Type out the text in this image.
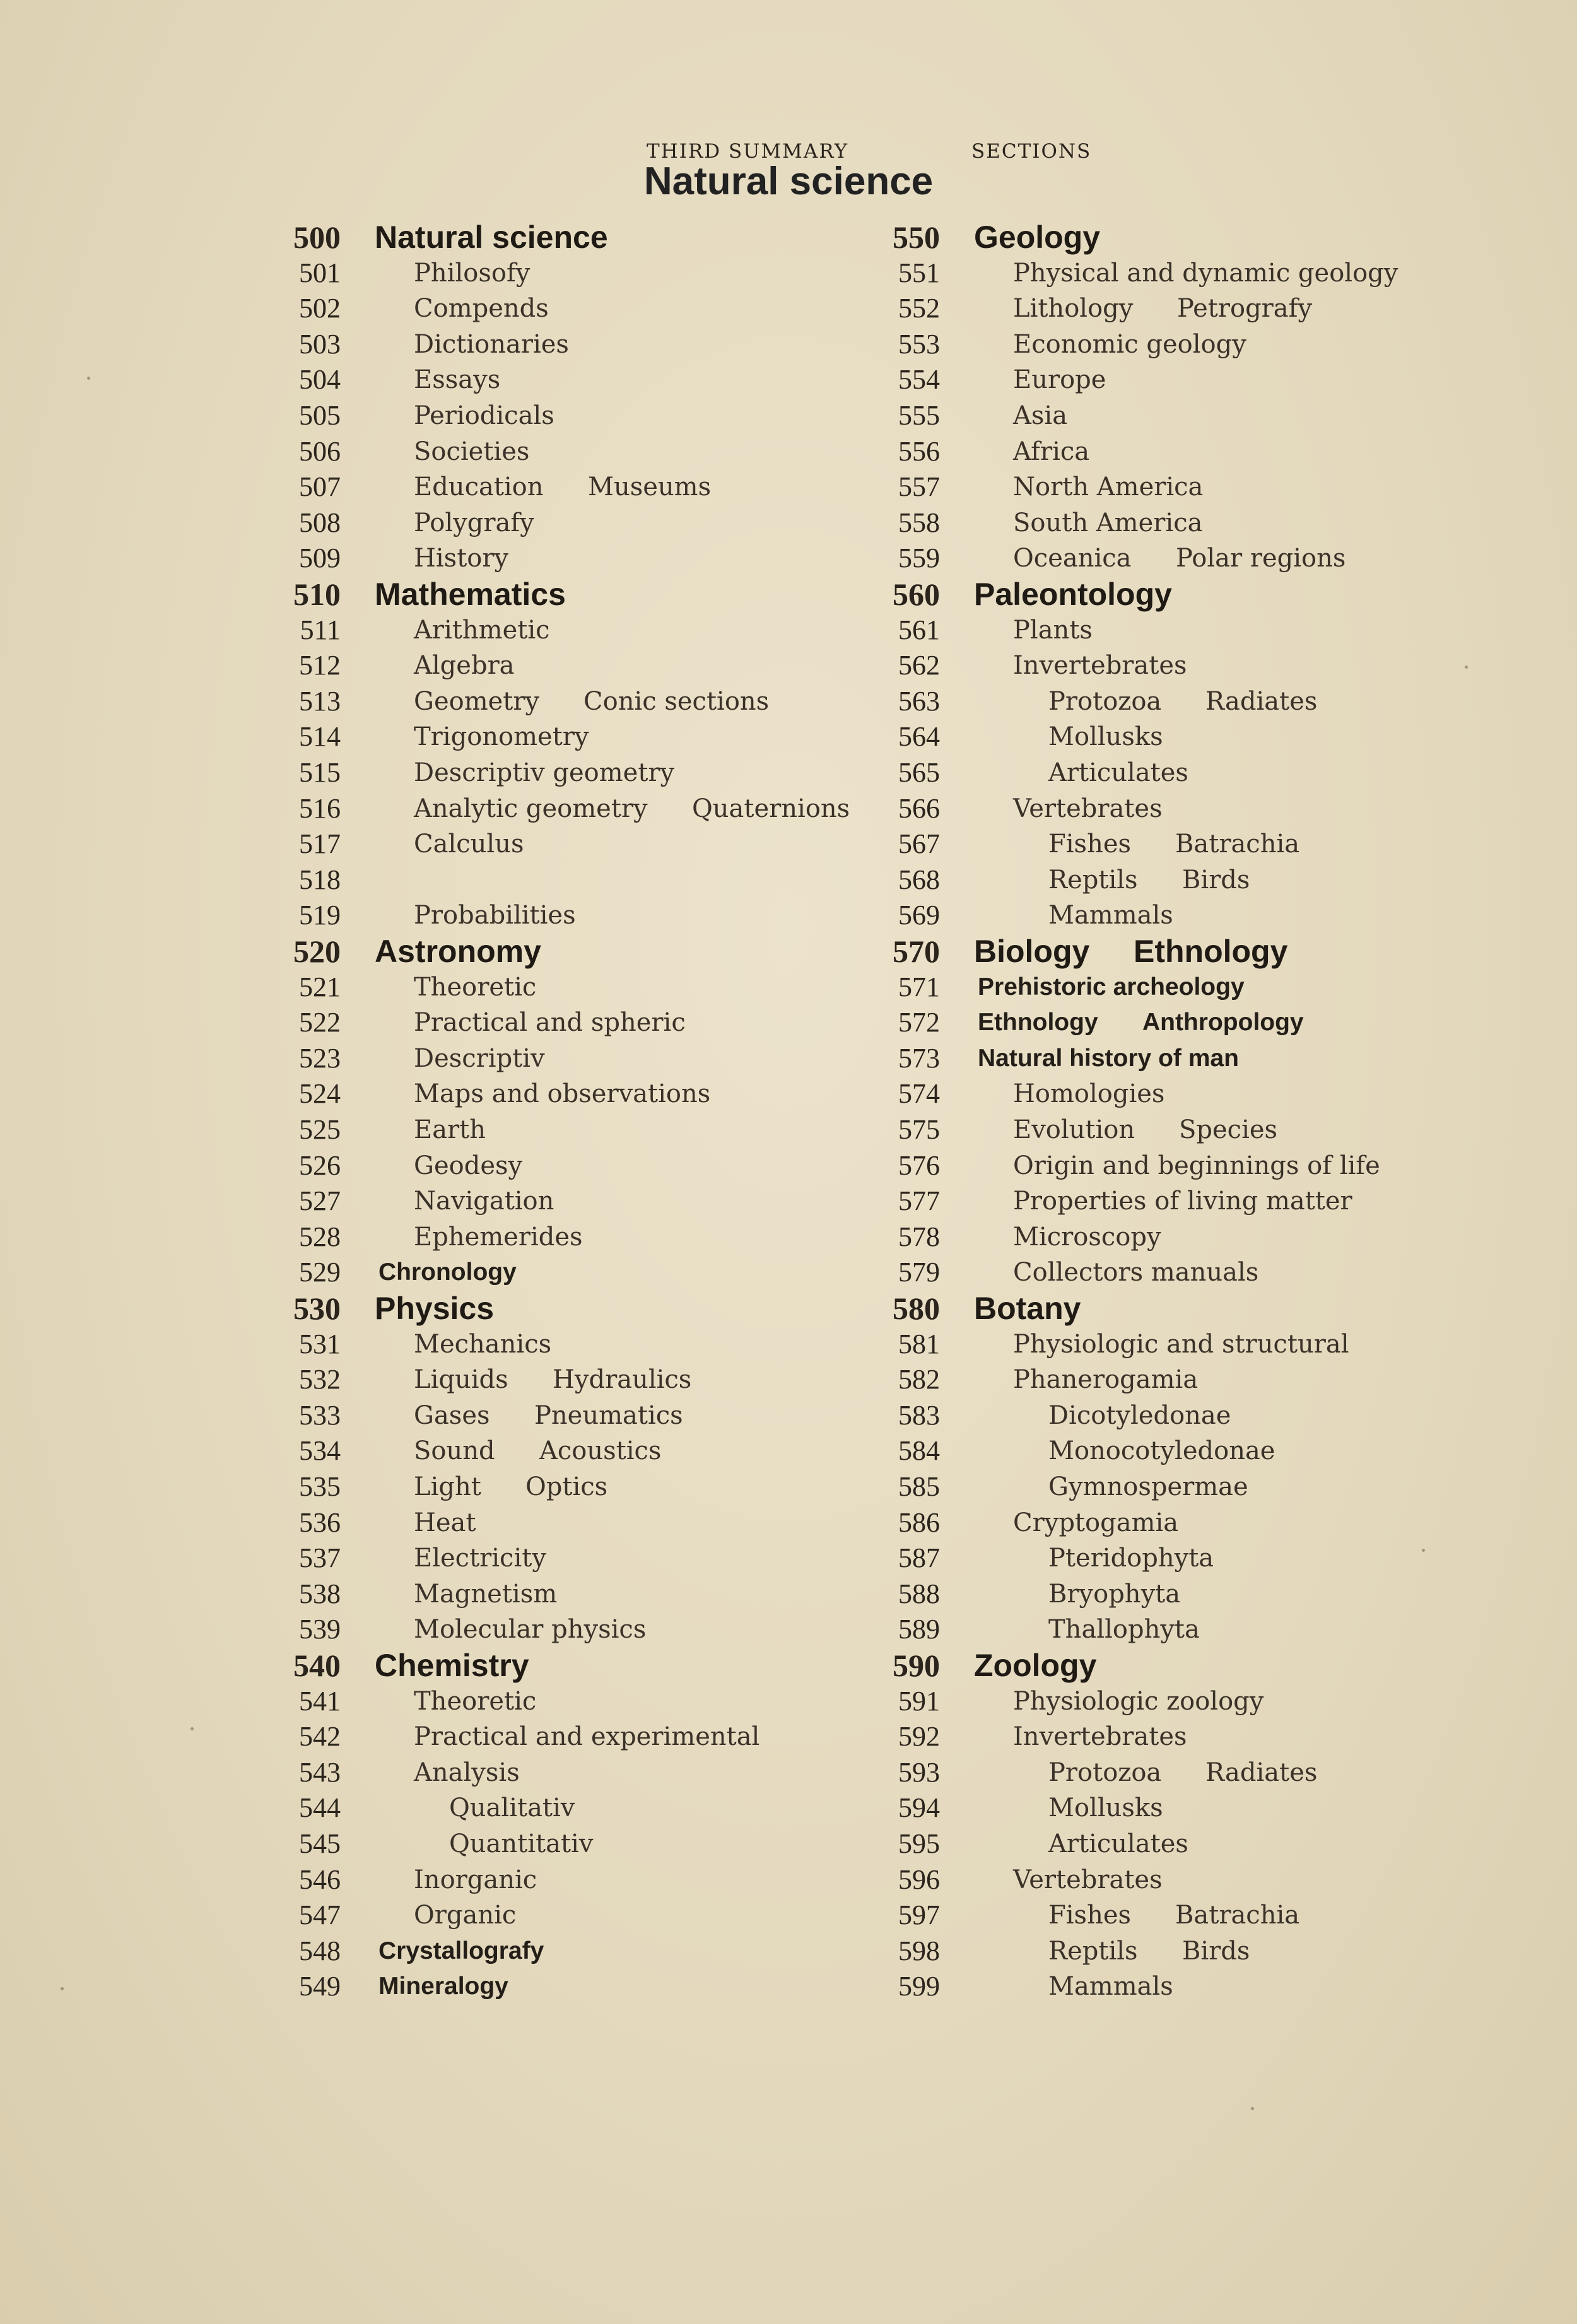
THIRD SUMMARY	SECTIONS
Natural science
500 Natural science
501	Philosofy
502	Compends
503	Dictionaries
504	Essays
505	Periodicals
506	Societies
507	Education Museums
508	Polygrafy
509	History
510 Mathematics
511	Arithmetic
512	Algebra
513	Geometry Conic sections
514	Trigonometry
515	Descriptiv geometry
516	Analytic geometry Quaternions
517	Calculus
518
519	Probabilities
520 Astronomy
521	Theoretic
522	Practical and spheric
523	Descriptiv
524	Maps and observations
525	Earth
526	Geodesy
527	Navigation
528	Ephemerides
529 Chronology
530 Physics
531	Mechanics
532	Liquids Hydraulics
533	Gases Pneumatics
534	Sound Acoustics
535	Light Optics
536	Heat
537	Electricity
538	Magnetism
539	Molecular physics
540 Chemistry
541	Theoretic
542	Practical and experimental
543	Analysis
544	Qualitativ
545	Quantitativ
546	Inorganic
547	Organic
548 Crystallografy
549 Mineralogy
550 Geology
551	Physical and dynamic geology
552	Lithology Petrografy
553	Economic geology
554	Europe
555	Asia
556	Africa
557	North America
558	South America
559	Oceanica Polar regions
560 Paleontology
561	Plants
562	Invertebrates
563	Protozoa Radiates
564	Mollusks
565	Articulates
566	Vertebrates
567	Fishes Batrachia
568	Reptils Birds
569	Mammals
570 Biology Ethnology
571 Prehistoric archeology
572 Ethnology Anthropology
573 Natural history of man
574	Homologies
575	Evolution Species
576	Origin and beginnings of life
577	Properties of living matter
578	Microscopy
579	Collectors manuals
580 Botany
581	Physiologic and structural
582	Phanerogamia
583	Dicotyledonae
584	Monocotyledonae
585	Gymnospermae
586	Cryptogamia
587	Pteridophyta
588	Bryophyta
589	Thallophyta
590 Zoology
591	Physiologic zoology
592	Invertebrates
593	Protozoa Radiates
594	Mollusks
595	Articulates
596	Vertebrates
597	Fishes Batrachia
598	Reptils Birds
599	Mammals
